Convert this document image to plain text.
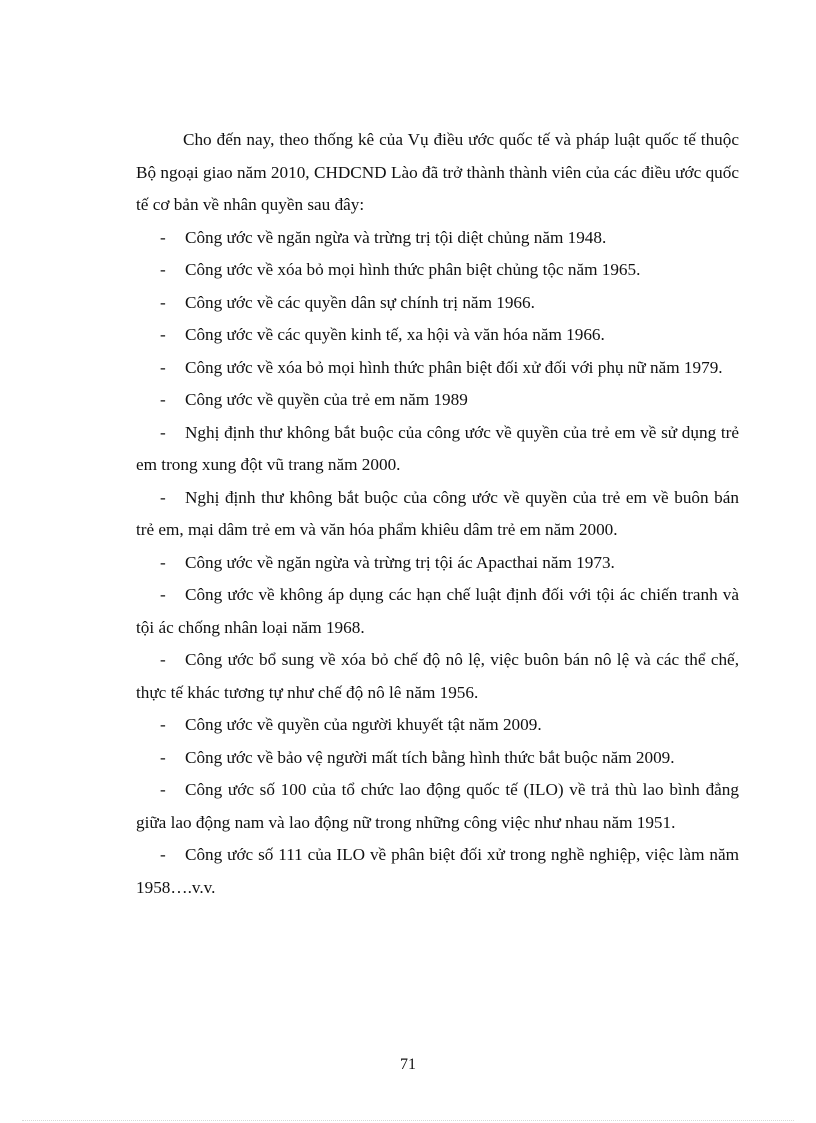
Cho đến nay, theo thống kê của Vụ điều ước quốc tế và pháp luật quốc tế thuộc Bộ ngoại giao năm 2010, CHDCND Lào đã trở thành thành viên của các điều ước quốc tế cơ bản về nhân quyền sau đây:

- Công ước về ngăn ngừa và trừng trị tội diệt chủng năm 1948.

- Công ước về xóa bỏ mọi hình thức phân biệt chủng tộc năm 1965.

- Công ước về các quyền dân sự chính trị năm 1966.

- Công ước về các quyền kinh tế, xa hội và văn hóa năm 1966.

- Công ước về xóa bỏ mọi hình thức phân biệt đối xử đối với phụ nữ năm 1979.

- Công ước về quyền của trẻ em năm 1989

- Nghị định thư không bắt buộc của công ước về quyền của trẻ em về sử dụng trẻ em trong xung đột vũ trang năm 2000.

- Nghị định thư không bắt buộc của công ước về quyền của trẻ em về buôn bán trẻ em, mại dâm trẻ em và văn hóa phẩm khiêu dâm trẻ em năm 2000.

- Công ước về ngăn ngừa và trừng trị tội ác Apacthai năm 1973.

- Công ước về không áp dụng các hạn chế luật định đối với tội ác chiến tranh và tội ác chống nhân loại năm 1968.

- Công ước bổ sung về xóa bỏ chế độ nô lệ, việc buôn bán nô lệ và các thể chế, thực tế khác tương tự như chế độ nô lê năm 1956.

- Công ước về quyền của người khuyết tật năm 2009.

- Công ước về bảo vệ người mất tích bằng hình thức bắt buộc năm 2009.

- Công ước số 100 của tổ chức lao động quốc tế (ILO) về trả thù lao bình đẳng giữa lao động nam và lao động nữ trong những công việc như nhau năm 1951.

- Công ước số 111 của ILO về phân biệt đối xử trong nghề nghiệp, việc làm năm 1958….v.v.

71
